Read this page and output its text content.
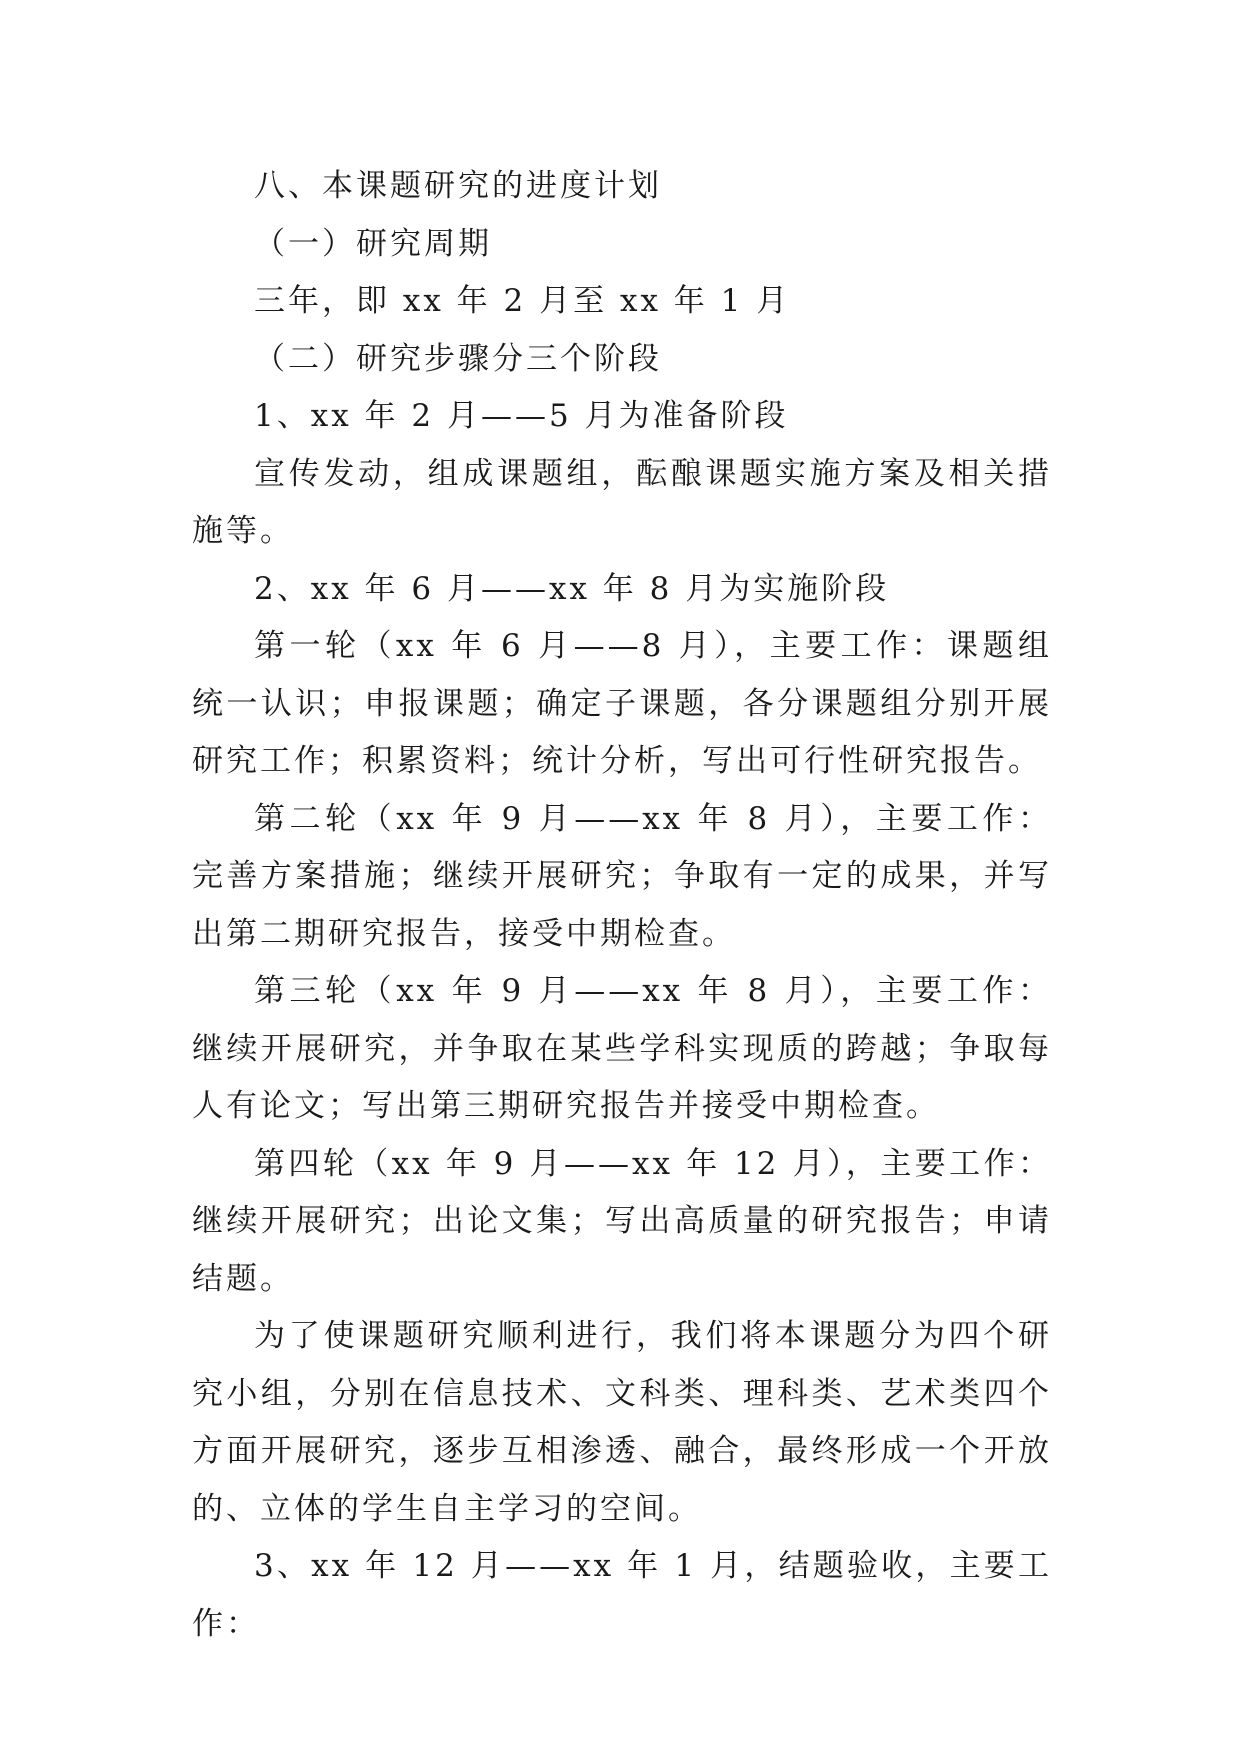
八、本课题研究的进度计划

（一）研究周期

三年，即 xx 年 2 月至 xx 年 1 月

（二）研究步骤分三个阶段

1、xx 年 2 月——5 月为准备阶段

宣传发动，组成课题组，酝酿课题实施方案及相关措施等。

2、xx 年 6 月——xx 年 8 月为实施阶段

第一轮（xx 年 6 月——8 月），主要工作：课题组统一认识；申报课题；确定子课题，各分课题组分别开展研究工作；积累资料；统计分析，写出可行性研究报告。

第二轮（xx 年 9 月——xx 年 8 月），主要工作：完善方案措施；继续开展研究；争取有一定的成果，并写出第二期研究报告，接受中期检查。

第三轮（xx 年 9 月——xx 年 8 月），主要工作：继续开展研究，并争取在某些学科实现质的跨越；争取每人有论文；写出第三期研究报告并接受中期检查。

第四轮（xx 年 9 月——xx 年 12 月），主要工作：继续开展研究；出论文集；写出高质量的研究报告；申请结题。

为了使课题研究顺利进行，我们将本课题分为四个研究小组，分别在信息技术、文科类、理科类、艺术类四个方面开展研究，逐步互相渗透、融合，最终形成一个开放的、立体的学生自主学习的空间。

3、xx 年 12 月——xx 年 1 月，结题验收，主要工作：
